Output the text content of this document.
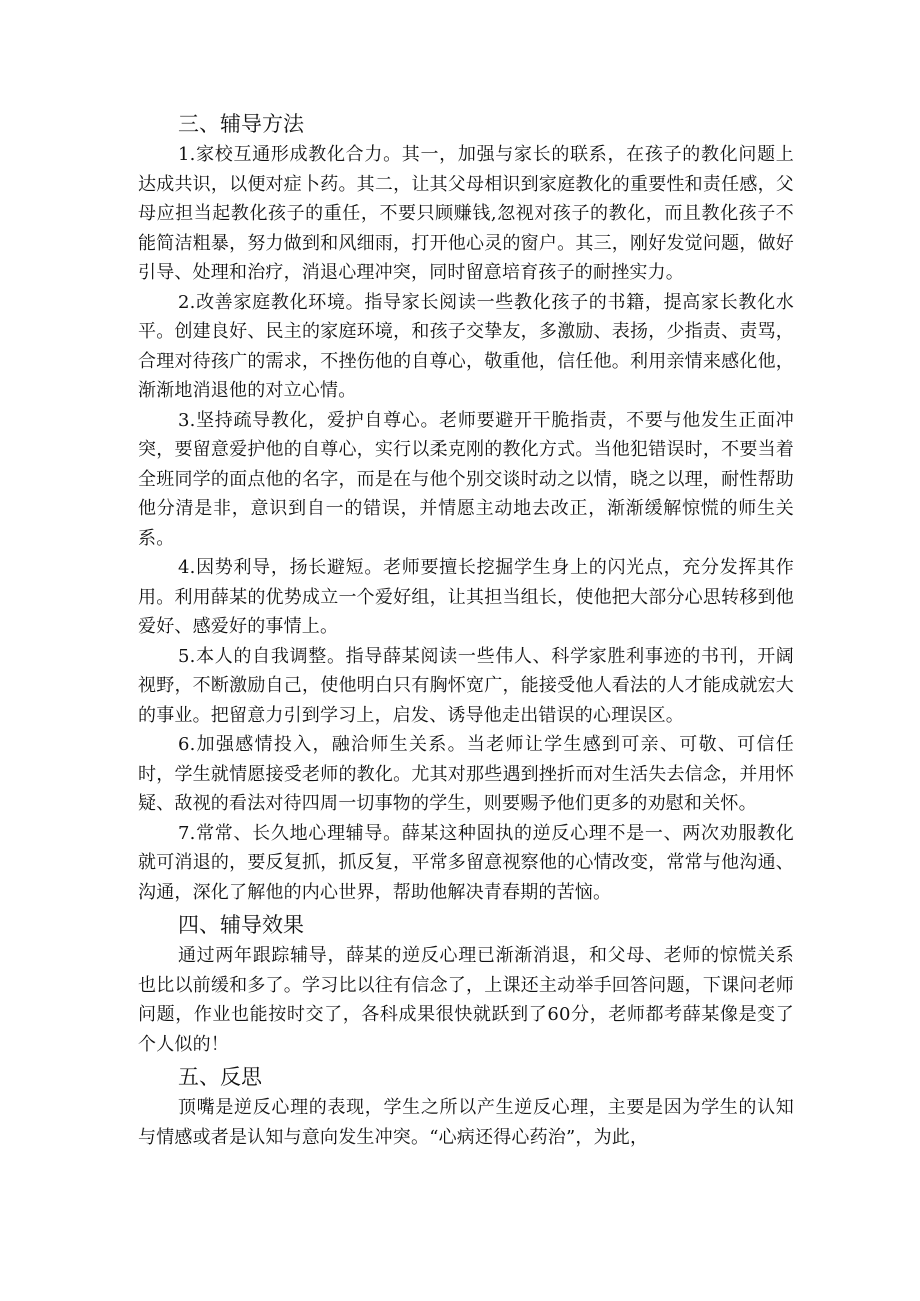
三、辅导方法

1.家校互通形成教化合力。其一，加强与家长的联系，在孩子的教化问题上达成共识，以便对症卜药。其二，让其父母相识到家庭教化的重要性和责任感，父母应担当起教化孩子的重任，不要只顾赚钱,忽视对孩子的教化，而且教化孩子不能简洁粗暴，努力做到和风细雨，打开他心灵的窗户。其三，刚好发觉问题，做好引导、处理和治疗，消退心理冲突，同时留意培育孩子的耐挫实力。

2.改善家庭教化环境。指导家长阅读一些教化孩子的书籍，提高家长教化水平。创建良好、民主的家庭环境，和孩子交挚友，多激励、表扬，少指责、责骂，合理对待孩广的需求，不挫伤他的自尊心，敬重他，信任他。利用亲情来感化他，渐渐地消退他的对立心情。

3.坚持疏导教化，爱护自尊心。老师要避开干脆指责，不要与他发生正面冲突，要留意爱护他的自尊心，实行以柔克刚的教化方式。当他犯错误时，不要当着全班同学的面点他的名字，而是在与他个别交谈时动之以情，晓之以理，耐性帮助他分清是非，意识到自一的错误，并情愿主动地去改正，渐渐缓解惊慌的师生关系。

4.因势利导，扬长避短。老师要擅长挖掘学生身上的闪光点，充分发挥其作用。利用薛某的优势成立一个爱好组，让其担当组长，使他把大部分心思转移到他爱好、感爱好的事情上。

5.本人的自我调整。指导薛某阅读一些伟人、科学家胜利事迹的书刊，开阔视野，不断激励自己，使他明白只有胸怀宽广，能接受他人看法的人才能成就宏大的事业。把留意力引到学习上，启发、诱导他走出错误的心理误区。

6.加强感情投入，融洽师生关系。当老师让学生感到可亲、可敬、可信任时，学生就情愿接受老师的教化。尤其对那些遇到挫折而对生活失去信念，并用怀疑、敌视的看法对待四周一切事物的学生，则要赐予他们更多的劝慰和关怀。

7.常常、长久地心理辅导。薛某这种固执的逆反心理不是一、两次劝服教化就可消退的，要反复抓，抓反复，平常多留意视察他的心情改变，常常与他沟通、沟通，深化了解他的内心世界，帮助他解决青春期的苦恼。

四、辅导效果

通过两年跟踪辅导，薛某的逆反心理已渐渐消退，和父母、老师的惊慌关系也比以前缓和多了。学习比以往有信念了，上课还主动举手回答问题，下课问老师问题，作业也能按时交了，各科成果很快就跃到了60分，老师都考薛某像是变了个人似的！

五、反思

顶嘴是逆反心理的表现，学生之所以产生逆反心理，主要是因为学生的认知与情感或者是认知与意向发生冲突。“心病还得心药治”，为此，
